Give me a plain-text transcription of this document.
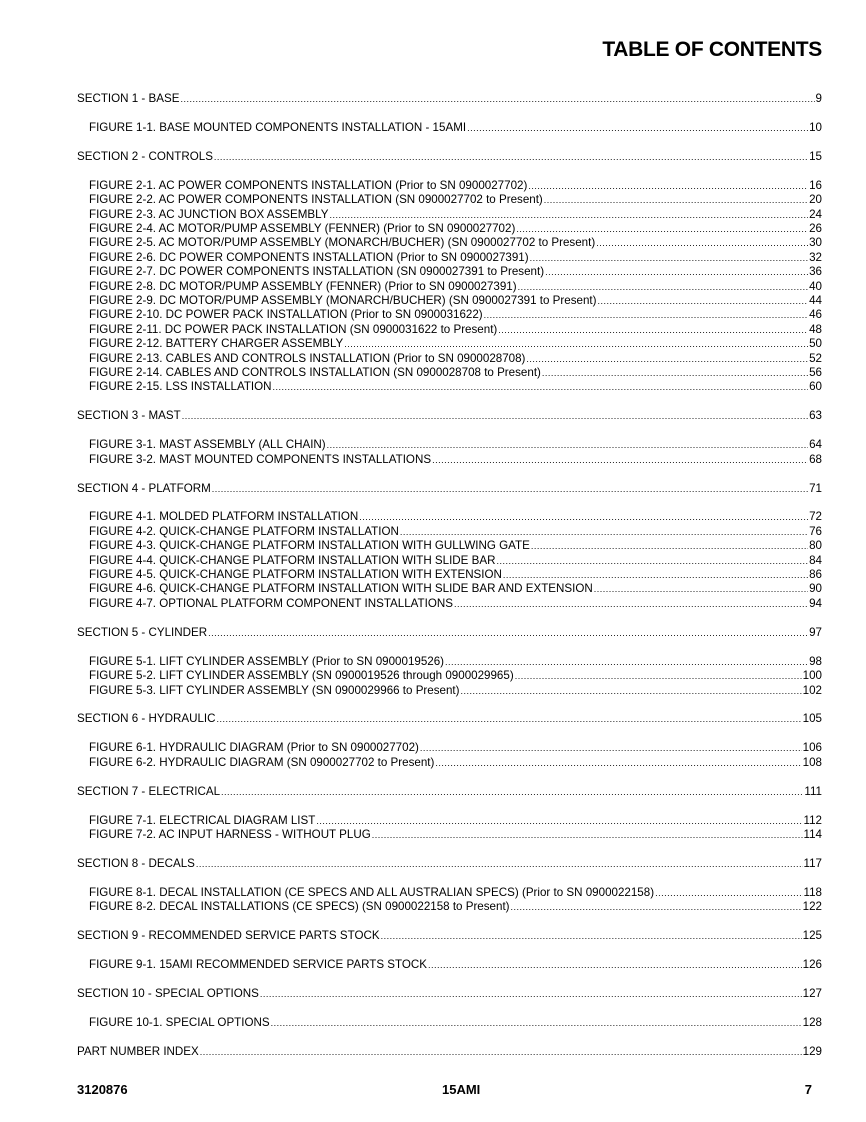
TABLE OF CONTENTS
SECTION 1 - BASE .....	9
FIGURE 1-1. BASE MOUNTED COMPONENTS INSTALLATION - 15AMI .....	10
SECTION 2 - CONTROLS .....	15
FIGURE 2-1. AC POWER COMPONENTS INSTALLATION (Prior to SN 0900027702) .....	16
FIGURE 2-2. AC POWER COMPONENTS INSTALLATION (SN 0900027702 to Present) .....	20
FIGURE 2-3. AC JUNCTION BOX ASSEMBLY .....	24
FIGURE 2-4. AC MOTOR/PUMP ASSEMBLY (FENNER) (Prior to SN 0900027702) .....	26
FIGURE 2-5. AC MOTOR/PUMP ASSEMBLY (MONARCH/BUCHER) (SN 0900027702 to Present) .....	30
FIGURE 2-6. DC POWER COMPONENTS INSTALLATION (Prior to SN 0900027391) .....	32
FIGURE 2-7. DC POWER COMPONENTS INSTALLATION (SN 0900027391 to Present) .....	36
FIGURE 2-8. DC MOTOR/PUMP ASSEMBLY (FENNER) (Prior to SN 0900027391) .....	40
FIGURE 2-9. DC MOTOR/PUMP ASSEMBLY (MONARCH/BUCHER) (SN 0900027391 to Present) .....	44
FIGURE 2-10. DC POWER PACK INSTALLATION (Prior to SN 0900031622) .....	46
FIGURE 2-11. DC POWER PACK INSTALLATION (SN 0900031622 to Present) .....	48
FIGURE 2-12. BATTERY CHARGER ASSEMBLY .....	50
FIGURE 2-13. CABLES AND CONTROLS INSTALLATION (Prior to SN 0900028708) .....	52
FIGURE 2-14. CABLES AND CONTROLS INSTALLATION (SN 0900028708 to Present) .....	56
FIGURE 2-15. LSS INSTALLATION .....	60
SECTION 3 - MAST .....	63
FIGURE 3-1. MAST ASSEMBLY (ALL CHAIN) .....	64
FIGURE 3-2. MAST MOUNTED COMPONENTS INSTALLATIONS .....	68
SECTION 4 - PLATFORM .....	71
FIGURE 4-1. MOLDED PLATFORM INSTALLATION .....	72
FIGURE 4-2. QUICK-CHANGE PLATFORM INSTALLATION .....	76
FIGURE 4-3. QUICK-CHANGE PLATFORM INSTALLATION WITH GULLWING GATE .....	80
FIGURE 4-4. QUICK-CHANGE PLATFORM INSTALLATION WITH SLIDE BAR .....	84
FIGURE 4-5. QUICK-CHANGE PLATFORM INSTALLATION WITH EXTENSION .....	86
FIGURE 4-6. QUICK-CHANGE PLATFORM INSTALLATION WITH SLIDE BAR AND EXTENSION .....	90
FIGURE 4-7. OPTIONAL PLATFORM COMPONENT INSTALLATIONS .....	94
SECTION 5 - CYLINDER .....	97
FIGURE 5-1. LIFT CYLINDER ASSEMBLY (Prior to SN 0900019526) .....	98
FIGURE 5-2. LIFT CYLINDER ASSEMBLY (SN 0900019526 through 0900029965) .....	100
FIGURE 5-3. LIFT CYLINDER ASSEMBLY (SN 0900029966 to Present) .....	102
SECTION 6 - HYDRAULIC .....	105
FIGURE 6-1. HYDRAULIC DIAGRAM (Prior to SN 0900027702) .....	106
FIGURE 6-2. HYDRAULIC DIAGRAM (SN 0900027702 to Present) .....	108
SECTION 7 - ELECTRICAL .....	111
FIGURE 7-1. ELECTRICAL DIAGRAM LIST .....	112
FIGURE 7-2. AC INPUT HARNESS - WITHOUT PLUG .....	114
SECTION 8 - DECALS .....	117
FIGURE 8-1. DECAL INSTALLATION (CE SPECS AND ALL AUSTRALIAN SPECS) (Prior to SN 0900022158) .....	118
FIGURE 8-2. DECAL INSTALLATIONS (CE SPECS) (SN 0900022158 to Present) .....	122
SECTION 9 - RECOMMENDED SERVICE PARTS STOCK .....	125
FIGURE 9-1. 15AMI RECOMMENDED SERVICE PARTS STOCK .....	126
SECTION 10 - SPECIAL OPTIONS .....	127
FIGURE 10-1. SPECIAL OPTIONS .....	128
PART NUMBER INDEX .....	129
3120876	15AMI	7
